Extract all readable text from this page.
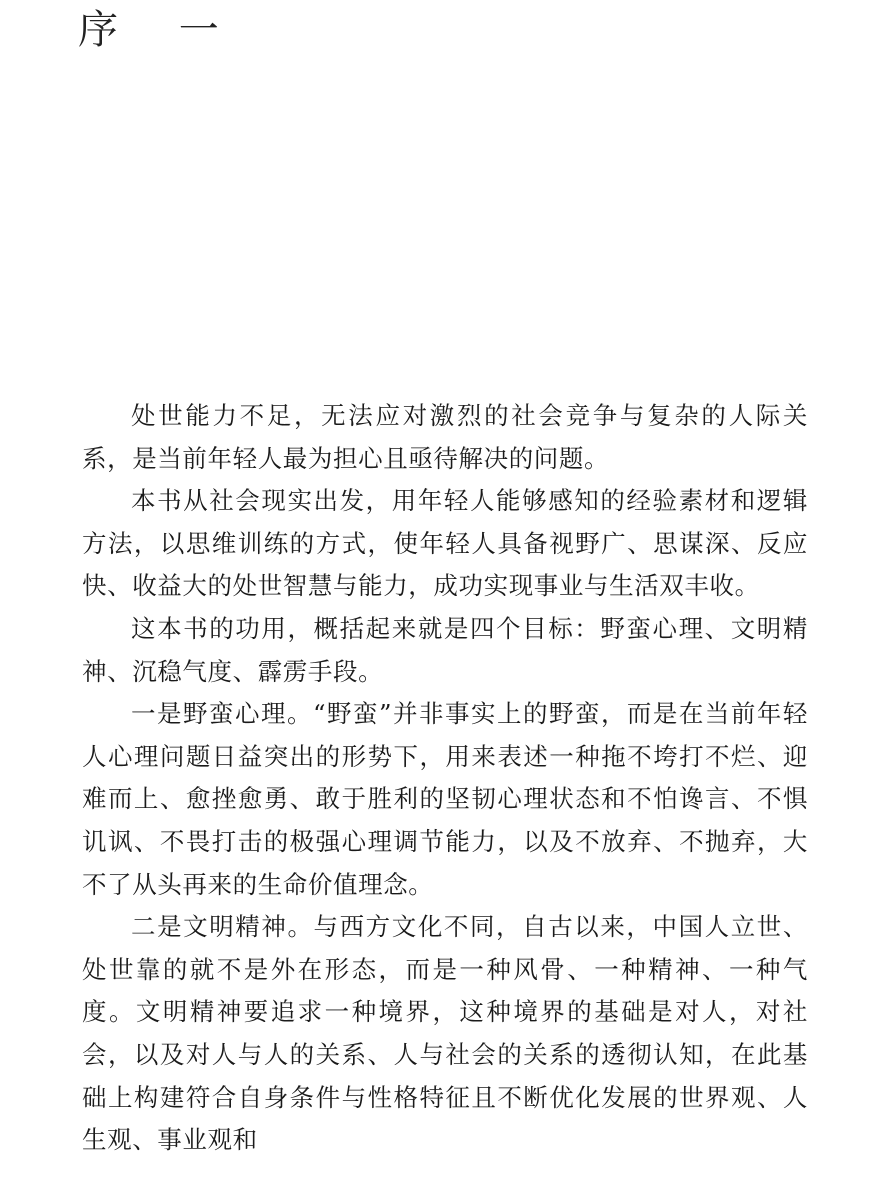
序 一

处世能力不足，无法应对激烈的社会竞争与复杂的人际关系，是当前年轻人最为担心且亟待解决的问题。

本书从社会现实出发，用年轻人能够感知的经验素材和逻辑方法，以思维训练的方式，使年轻人具备视野广、思谋深、反应快、收益大的处世智慧与能力，成功实现事业与生活双丰收。

这本书的功用，概括起来就是四个目标：野蛮心理、文明精神、沉稳气度、霹雳手段。

一是野蛮心理。“野蛮”并非事实上的野蛮，而是在当前年轻人心理问题日益突出的形势下，用来表述一种拖不垮打不烂、迎难而上、愈挫愈勇、敢于胜利的坚韧心理状态和不怕谗言、不惧讥讽、不畏打击的极强心理调节能力，以及不放弃、不抛弃，大不了从头再来的生命价值理念。

二是文明精神。与西方文化不同，自古以来，中国人立世、处世靠的就不是外在形态，而是一种风骨、一种精神、一种气度。文明精神要追求一种境界，这种境界的基础是对人，对社会，以及对人与人的关系、人与社会的关系的透彻认知，在此基础上构建符合自身条件与性格特征且不断优化发展的世界观、人生观、事业观和
